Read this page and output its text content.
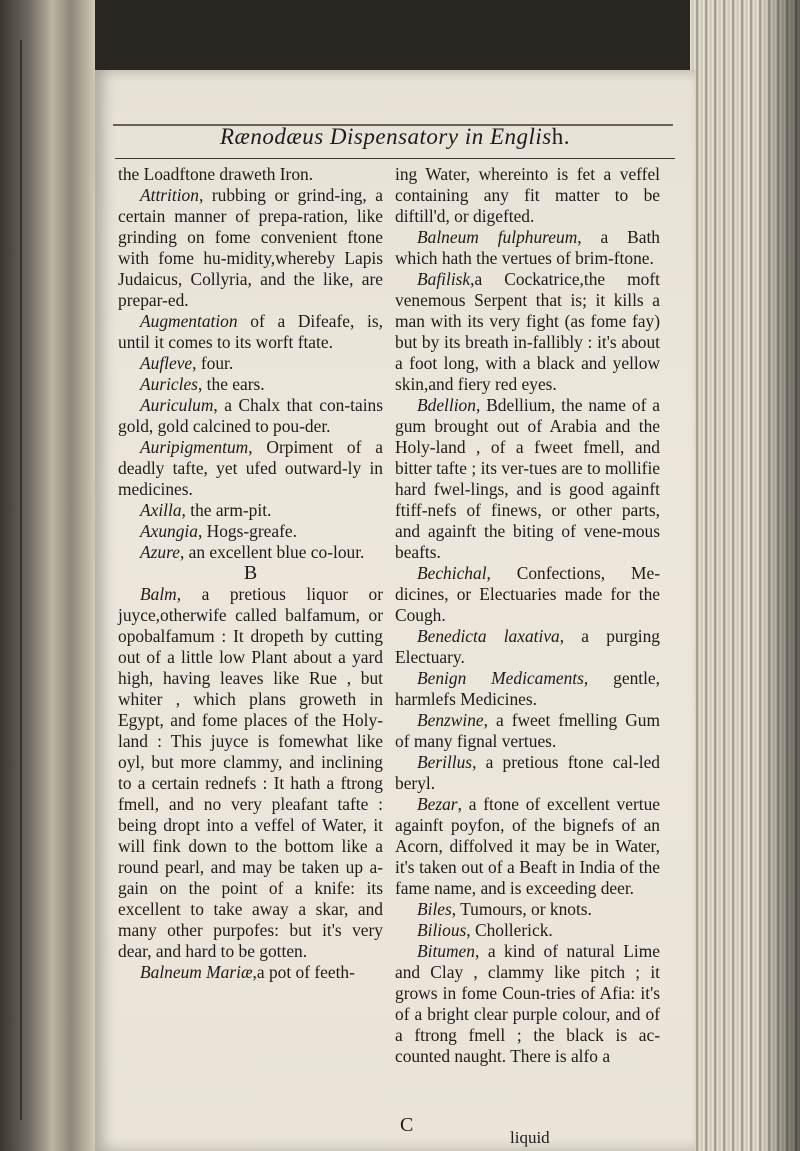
Rænodæus Dispensatory in English.

the Loadftone draweth Iron.

Attrition, rubbing or grind-ing, a certain manner of prepa-ration, like grinding on fome convenient ftone with fome hu-midity,whereby Lapis Judaicus, Collyria, and the like, are prepar-ed.

Augmentation of a Difeafe, is, until it comes to its worft ftate.

Aufleve, four.

Auricles, the ears.

Auriculum, a Chalx that con-tains gold, gold calcined to pou-der.

Auripigmentum, Orpiment of a deadly tafte, yet ufed outward-ly in medicines.

Axilla, the arm-pit.

Axungia, Hogs-greafe.

Azure, an excellent blue co-lour.

B

Balm, a pretious liquor or juyce,otherwife called balfamum, or opobalfamum : It dropeth by cutting out of a little low Plant about a yard high, having leaves like Rue , but whiter , which plans groweth in Egypt, and fome places of the Holy-land : This juyce is fomewhat like oyl, but more clammy, and inclining to a certain rednefs : It hath a ftrong fmell, and no very pleafant tafte : being dropt into a veffel of Water, it will fink down to the bottom like a round pearl, and may be taken up a-gain on the point of a knife: its excellent to take away a skar, and many other purpofes: but it's very dear, and hard to be gotten.

Balneum Mariæ,a pot of feeth-

ing Water, whereinto is fet a veffel containing any fit matter to be diftill'd, or digefted.

Balneum fulphureum, a Bath which hath the vertues of brim-ftone.

Bafilisk,a Cockatrice,the moft venemous Serpent that is; it kills a man with its very fight (as fome fay) but by its breath in-fallibly : it's about a foot long, with a black and yellow skin,and fiery red eyes.

Bdellion, Bdellium, the name of a gum brought out of Arabia and the Holy-land , of a fweet fmell, and bitter tafte ; its ver-tues are to mollifie hard fwel-lings, and is good againft ftiff-nefs of finews, or other parts, and againft the biting of vene-mous beafts.

Bechichal, Confections, Me-dicines, or Electuaries made for the Cough.

Benedicta laxativa, a purging Electuary.

Benign Medicaments, gentle, harmlefs Medicines.

Benzwine, a fweet fmelling Gum of many fignal vertues.

Berillus, a pretious ftone cal-led beryl.

Bezar, a ftone of excellent vertue againft poyfon, of the bignefs of an Acorn, diffolved it may be in Water, it's taken out of a Beaft in India of the fame name, and is exceeding deer.

Biles, Tumours, or knots.

Bilious, Chollerick.

Bitumen, a kind of natural Lime and Clay , clammy like pitch ; it grows in fome Coun-tries of Afia: it's of a bright clear purple colour, and of a ftrong fmell ; the black is ac-counted naught. There is alfo a

C
liquid
